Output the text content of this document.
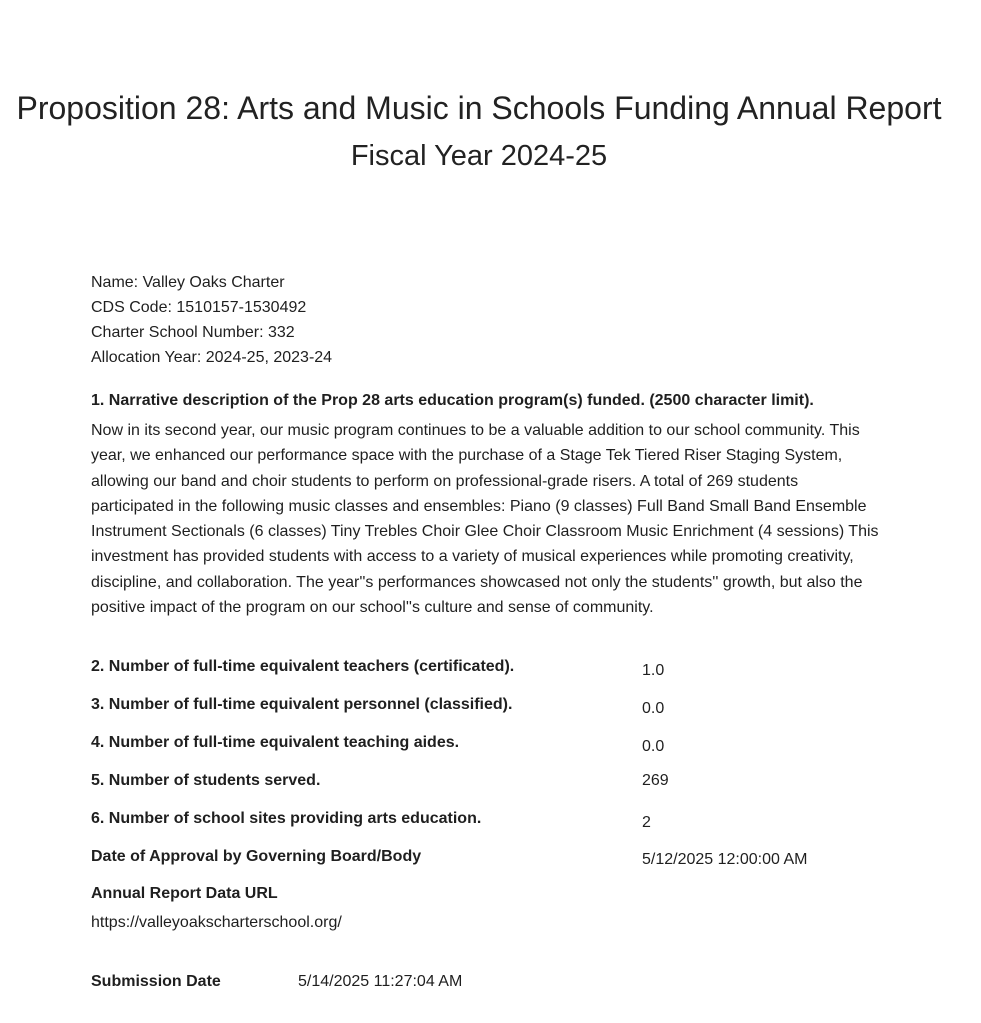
Proposition 28: Arts and Music in Schools Funding Annual Report
Fiscal Year 2024-25
Name: Valley Oaks Charter
CDS Code: 1510157-1530492
Charter School Number: 332
Allocation Year: 2024-25, 2023-24
1. Narrative description of the Prop 28 arts education program(s) funded. (2500 character limit).
Now in its second year, our music program continues to be a valuable addition to our school community. This year, we enhanced our performance space with the purchase of a Stage Tek Tiered Riser Staging System, allowing our band and choir students to perform on professional-grade risers. A total of 269 students participated in the following music classes and ensembles: Piano (9 classes) Full Band Small Band Ensemble Instrument Sectionals (6 classes) Tiny Trebles Choir Glee Choir Classroom Music Enrichment (4 sessions) This investment has provided students with access to a variety of musical experiences while promoting creativity, discipline, and collaboration. The year''s performances showcased not only the students'' growth, but also the positive impact of the program on our school''s culture and sense of community.
2. Number of full-time equivalent teachers (certificated).	1.0
3. Number of full-time equivalent personnel (classified).	0.0
4. Number of full-time equivalent teaching aides.	0.0
5. Number of students served.	269
6. Number of school sites providing arts education.	2
Date of Approval by Governing Board/Body	5/12/2025 12:00:00 AM
Annual Report Data URL
https://valleyoakscharterschool.org/
Submission Date	5/14/2025 11:27:04 AM
